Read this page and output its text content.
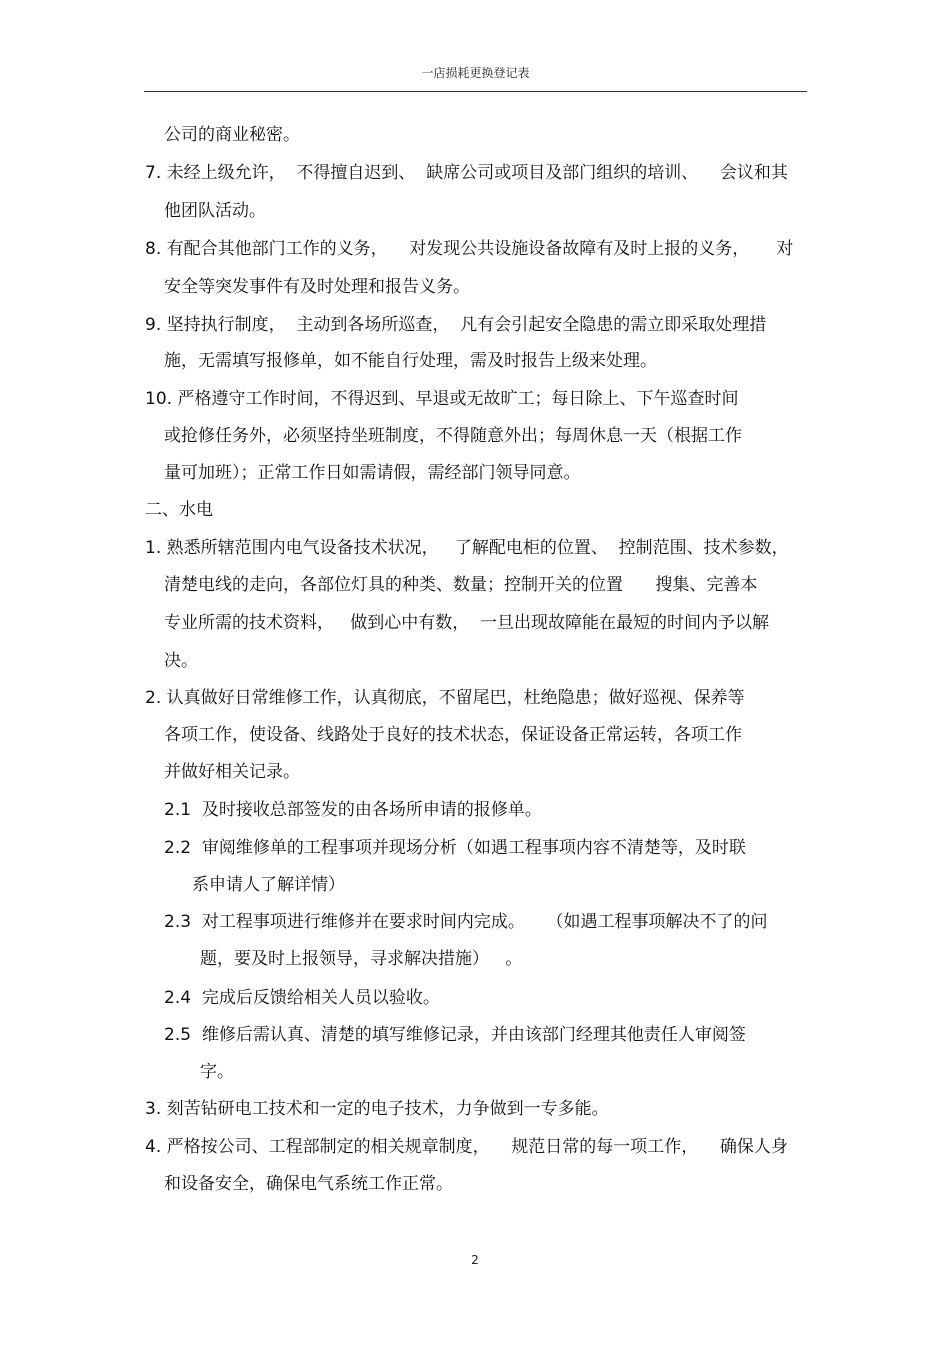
一店损耗更换登记表
公司的商业秘密。
7. 未经上级允许，  不得擅自迟到、  缺席公司或项目及部门组织的培训、    会议和其
他团队活动。
8. 有配合其他部门工作的义务，    对发现公共设施设备故障有及时上报的义务，     对
安全等突发事件有及时处理和报告义务。
9. 坚持执行制度，  主动到各场所巡查，  凡有会引起安全隐患的需立即采取处理措
施，无需填写报修单，如不能自行处理，需及时报告上级来处理。
10. 严格遵守工作时间，不得迟到、早退或无故旷工；每日除上、下午巡查时间
或抢修任务外，必须坚持坐班制度，不得随意外出；每周休息一天（根据工作
量可加班）；正常工作日如需请假，需经部门领导同意。
二、水电
1. 熟悉所辖范围内电气设备技术状况，   了解配电柜的位置、  控制范围、技术参数，
清楚电线的走向，各部位灯具的种类、数量；控制开关的位置      搜集、完善本
专业所需的技术资料，   做到心中有数，  一旦出现故障能在最短的时间内予以解
决。
2. 认真做好日常维修工作，认真彻底，不留尾巴，杜绝隐患；做好巡视、保养等
各项工作，使设备、线路处于良好的技术状态，保证设备正常运转，各项工作
并做好相关记录。
2.1  及时接收总部签发的由各场所申请的报修单。
2.2  审阅维修单的工程事项并现场分析（如遇工程事项内容不清楚等，及时联
系申请人了解详情）
2.3  对工程事项进行维修并在要求时间内完成。    （如遇工程事项解决不了的问
题，要及时上报领导，寻求解决措施）   。
2.4  完成后反馈给相关人员以验收。
2.5  维修后需认真、清楚的填写维修记录，并由该部门经理其他责任人审阅签
字。
3. 刻苦钻研电工技术和一定的电子技术，力争做到一专多能。
4. 严格按公司、工程部制定的相关规章制度，    规范日常的每一项工作，    确保人身
和设备安全，确保电气系统工作正常。
2
